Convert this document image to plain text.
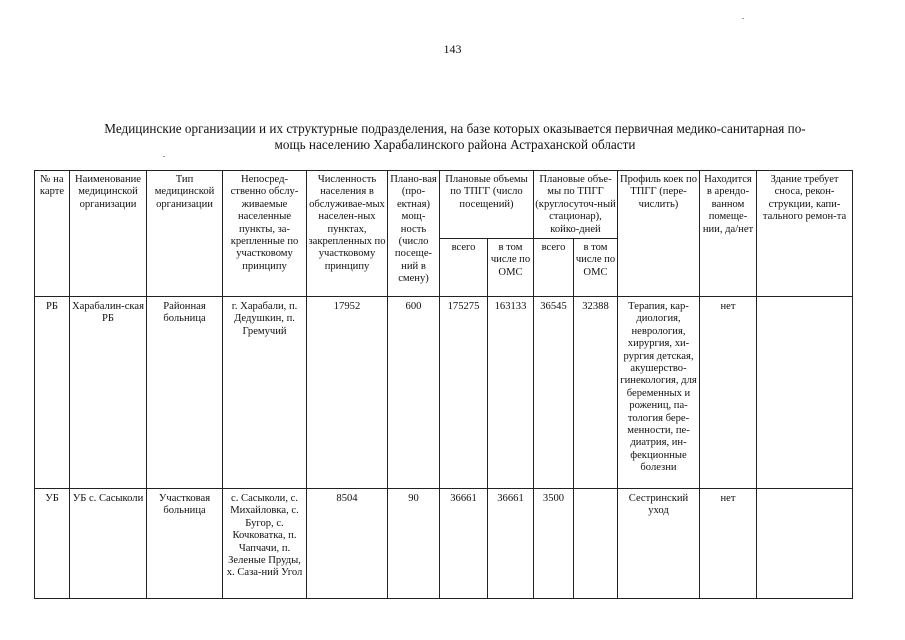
143
Медицинские организации и их структурные подразделения, на базе которых оказывается первичная медико-санитарная по-
мощь населению Харабалинского района Астраханской области
№ на карте	Наименование медицинской организации	Тип медицинской организации	Непосред-ственно обслу-живаемые населенные пункты, за-крепленные по участковому принципу	Численность населения в обслуживае-мых населен-ных пунктах, закрепленных по участковому принципу	Плано-вая (про-ектная) мощ-ность (число посеще-ний в смену)	Плановые объемы по ТПГГ (число посещений)		Плановые объе-мы по ТПГГ (круглосуточ-ный стационар), койко-дней		Профиль коек по ТПГГ (пере-числить)	Находится в арендо-ванном помеще-нии, да/нет	Здание требует сноса, рекон-струкции, капи-тального ремон-та
						всего	в том числе по ОМС	всего	в том числе по ОМС			
РБ	Харабалин-ская РБ	Районная больница	г. Харабали, п. Дедушкин, п. Гремучий	17952	600	175275	163133	36545	32388	Терапия, кар-диология, неврология, хирургия, хи-рургия детская, акушерство-гинекология, для беременных и рожениц, па-тология бере-менности, пе-диатрия, ин-фекционные болезни	нет	
УБ	УБ с. Сасыколи	Участковая больница	с. Сасыколи, с. Михайловка, с. Бугор, с. Кочковатка, п. Чапчачи, п. Зеленые Пруды, х. Саза-ний Угол	8504	90	36661	36661	3500		Сестринский уход	нет	
